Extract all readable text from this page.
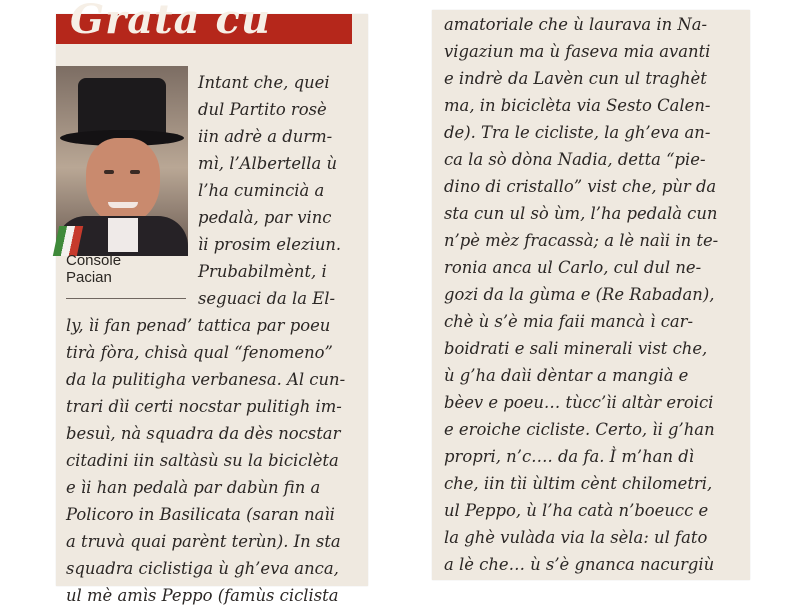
Grata cu
Console
Pacian
Intant che, quei
dul Partito rosè
iin adrè a durm-
mì, l’Albertella ù
l’ha cumincià a
pedalà, par vinc
ìi prosim eleziun.
Prubabilmènt, i
seguaci da la El-
ly, ìi fan penad’ tattica par poeu
tirà fòra, chisà qual “fenomeno”
da la pulitigha verbanesa. Al cun-
trari dìi certi nocstar pulitigh im-
besuì, nà squadra da dès nocstar
citadini iin saltàsù su la biciclèta
e ìi han pedalà par dabùn fin a
Policoro in Basilicata (saran naìi
a truvà quai parènt terùn). In sta
squadra ciclistiga ù gh’eva anca,
ul mè amìs Peppo (famùs ciclista
amatoriale che ù laurava in Na-
vigaziun ma ù faseva mia avanti
e indrè da Lavèn cun ul traghèt
ma, in biciclèta via Sesto Calen-
de). Tra le cicliste, la gh’eva an-
ca la sò dòna Nadia, detta “pie-
dino di cristallo” vist che, pùr da
sta cun ul sò ùm, l’ha pedalà cun
n’pè mèz fracassà; a lè naìi in te-
ronia anca ul Carlo, cul dul ne-
gozi da la gùma e (Re Rabadan),
chè ù s’è mia faii mancà ì car-
boidrati e sali minerali vist che,
ù g’ha daìi dèntar a mangià e
bèev e poeu… tùcc’ìi altàr eroici
e eroiche cicliste. Certo, ìi g’han
propri, n’c…. da fa. Ì m’han dì
che, iin tìi ùltim cènt chilometri,
ul Peppo, ù l’ha catà n’boeucc e
la ghè vulàda via la sèla: ul fato
a lè che… ù s’è gnanca nacurgiù
